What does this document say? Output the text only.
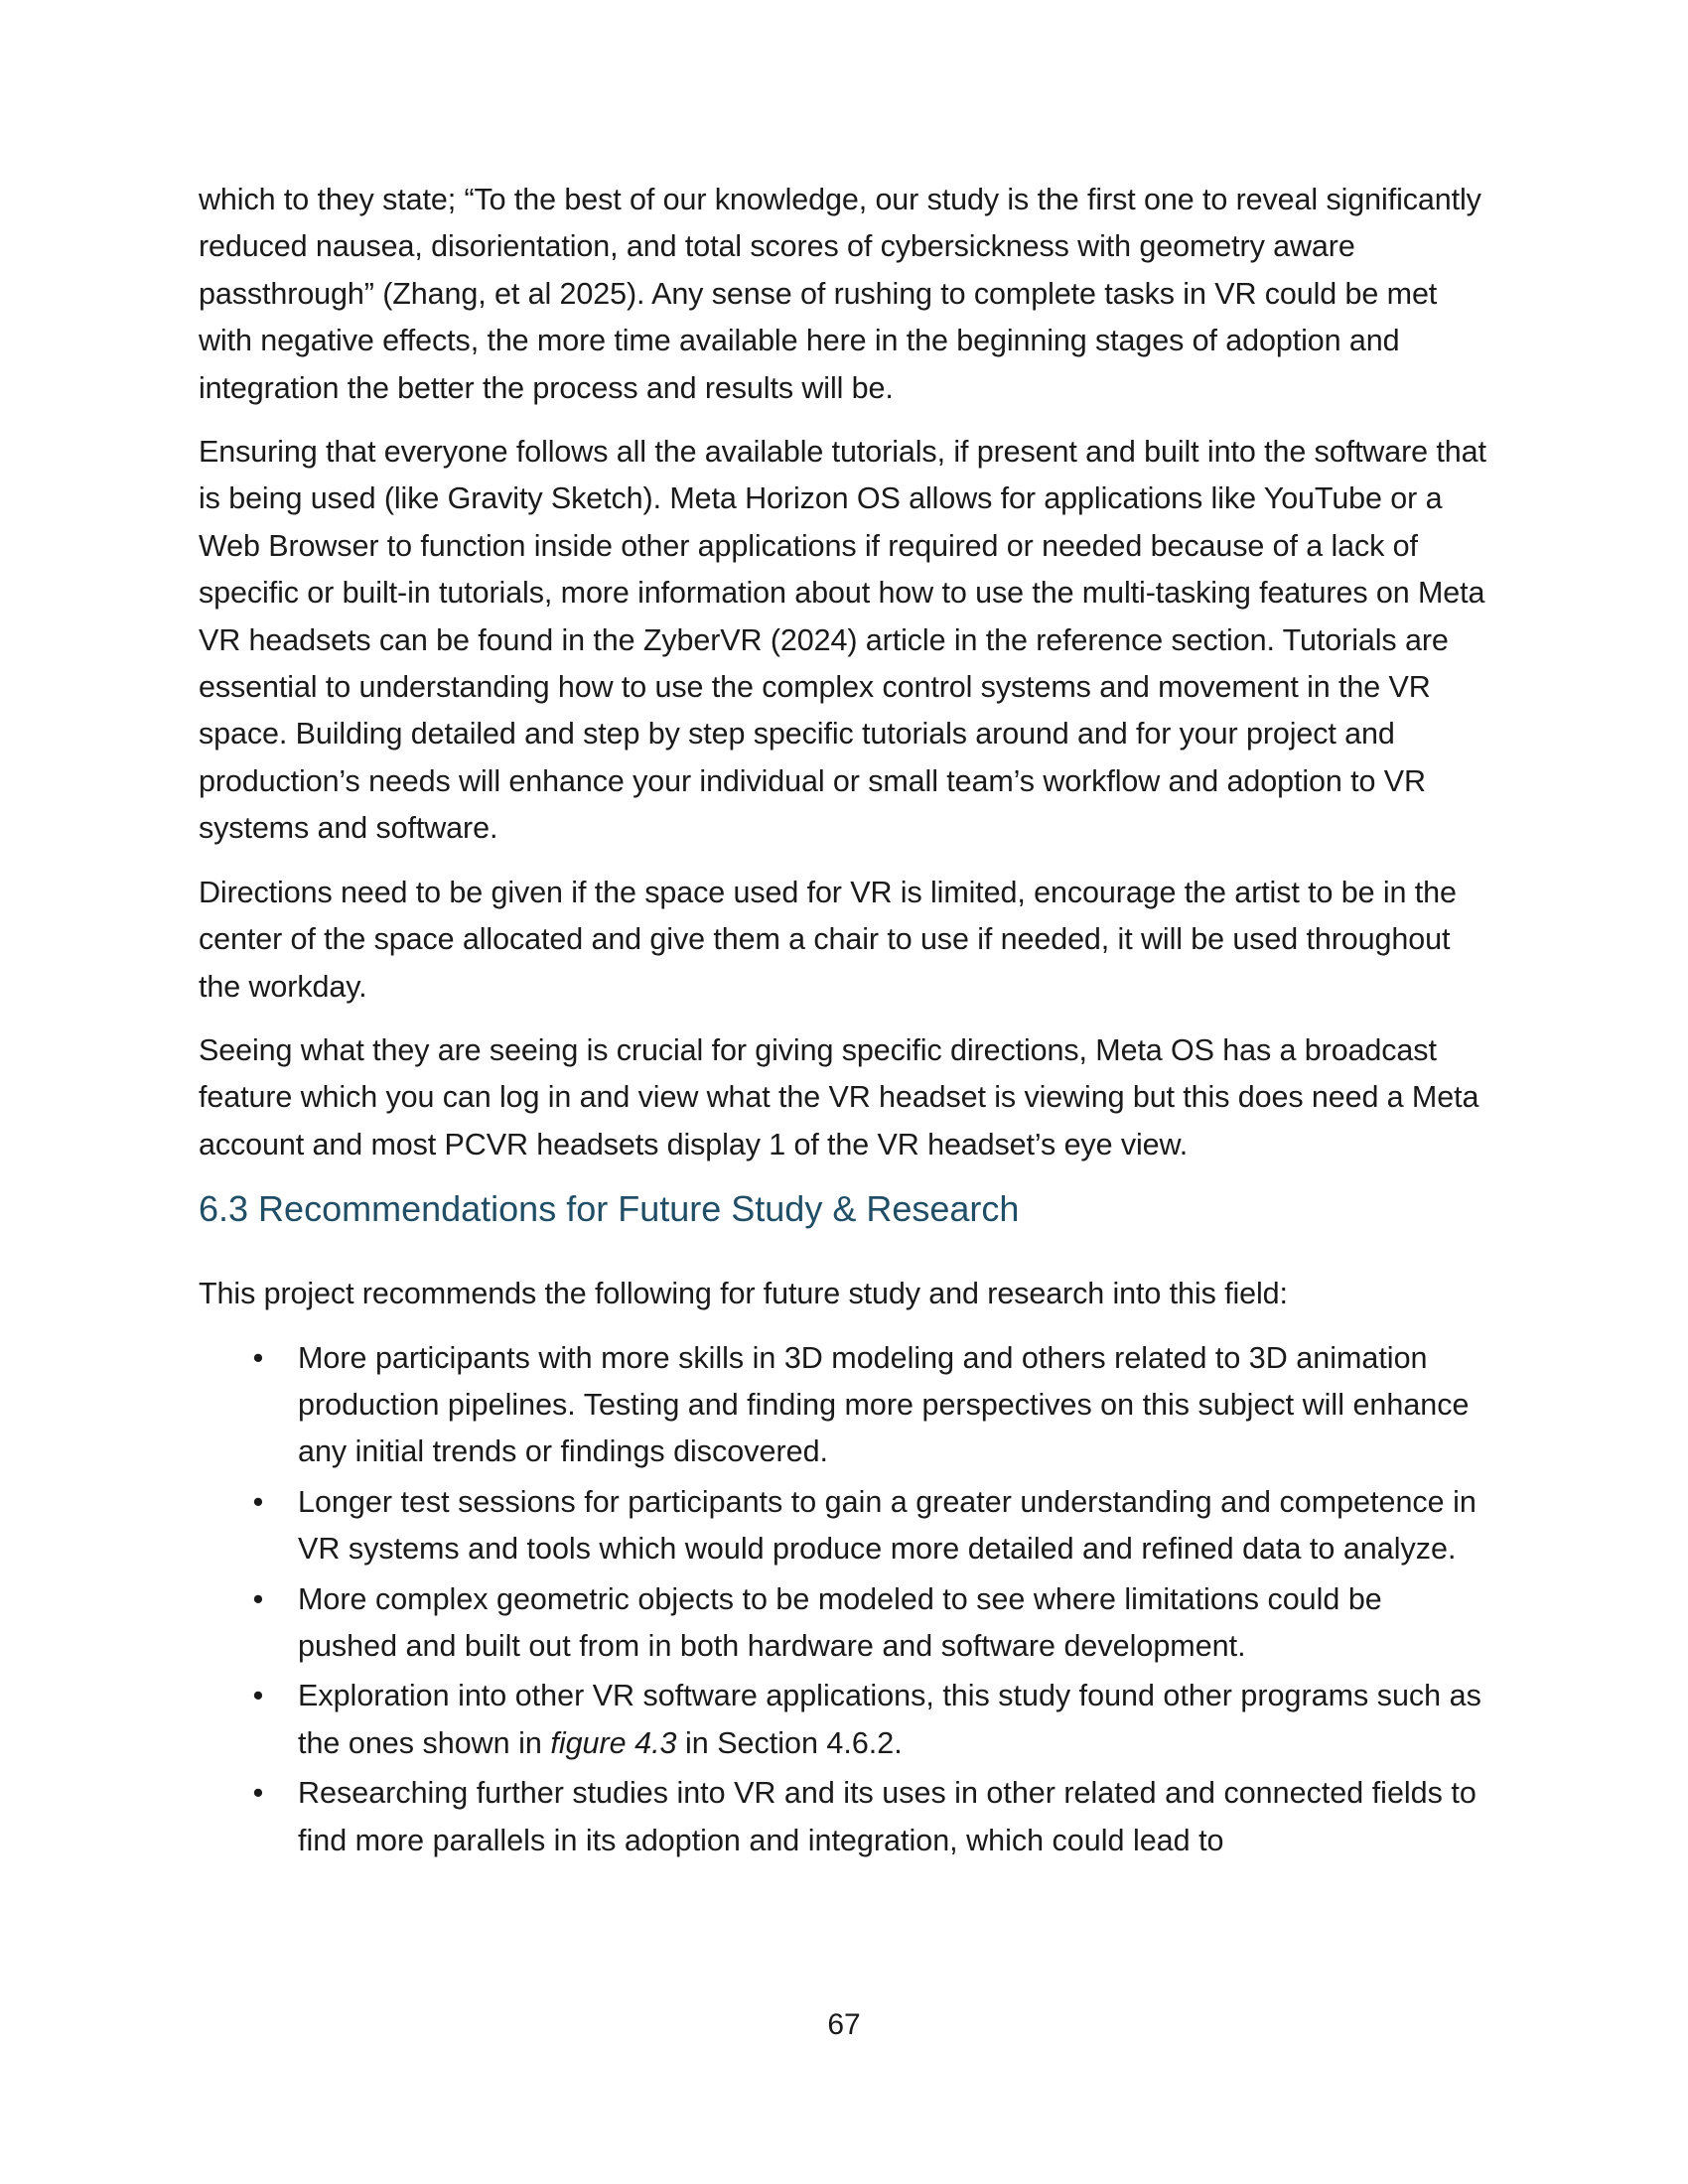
which to they state; “To the best of our knowledge, our study is the first one to reveal significantly reduced nausea, disorientation, and total scores of cybersickness with geometry aware passthrough” (Zhang, et al 2025). Any sense of rushing to complete tasks in VR could be met with negative effects, the more time available here in the beginning stages of adoption and integration the better the process and results will be.

Ensuring that everyone follows all the available tutorials, if present and built into the software that is being used (like Gravity Sketch). Meta Horizon OS allows for applications like YouTube or a Web Browser to function inside other applications if required or needed because of a lack of specific or built-in tutorials, more information about how to use the multi-tasking features on Meta VR headsets can be found in the ZyberVR (2024) article in the reference section. Tutorials are essential to understanding how to use the complex control systems and movement in the VR space. Building detailed and step by step specific tutorials around and for your project and production’s needs will enhance your individual or small team’s workflow and adoption to VR systems and software.

Directions need to be given if the space used for VR is limited, encourage the artist to be in the center of the space allocated and give them a chair to use if needed, it will be used throughout the workday.

Seeing what they are seeing is crucial for giving specific directions, Meta OS has a broadcast feature which you can log in and view what the VR headset is viewing but this does need a Meta account and most PCVR headsets display 1 of the VR headset’s eye view.

6.3 Recommendations for Future Study & Research

This project recommends the following for future study and research into this field:

• More participants with more skills in 3D modeling and others related to 3D animation production pipelines. Testing and finding more perspectives on this subject will enhance any initial trends or findings discovered.
• Longer test sessions for participants to gain a greater understanding and competence in VR systems and tools which would produce more detailed and refined data to analyze.
• More complex geometric objects to be modeled to see where limitations could be pushed and built out from in both hardware and software development.
• Exploration into other VR software applications, this study found other programs such as the ones shown in figure 4.3 in Section 4.6.2.
• Researching further studies into VR and its uses in other related and connected fields to find more parallels in its adoption and integration, which could lead to
67
